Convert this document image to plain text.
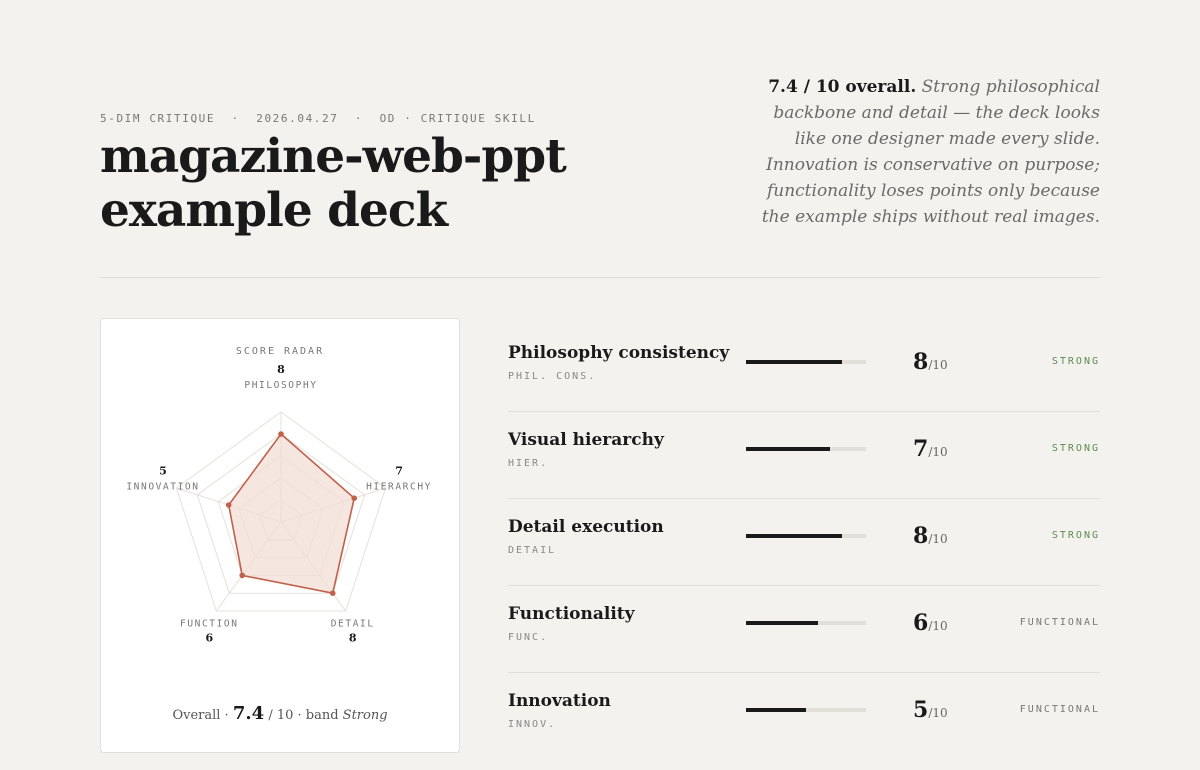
5-DIM CRITIQUE  ·  2026.04.27  ·  OD · CRITIQUE SKILL
magazine-web-ppt example deck

7.4 / 10 overall. Strong philosophical backbone and detail — the deck looks like one designer made every slide. Innovation is conservative on purpose; functionality loses points only because the example ships without real images.

SCORE RADAR
8
PHILOSOPHY
7
HIERARCHY
8
DETAIL
6
FUNCTION
5
INNOVATION
Overall · 7.4 / 10 · band Strong
Philosophy consistency
PHIL. CONS.
8/10	STRONG
Visual hierarchy
HIER.
7/10	STRONG
Detail execution
DETAIL
8/10	STRONG
Functionality
FUNC.
6/10	FUNCTIONAL
Innovation
INNOV.
5/10	FUNCTIONAL
